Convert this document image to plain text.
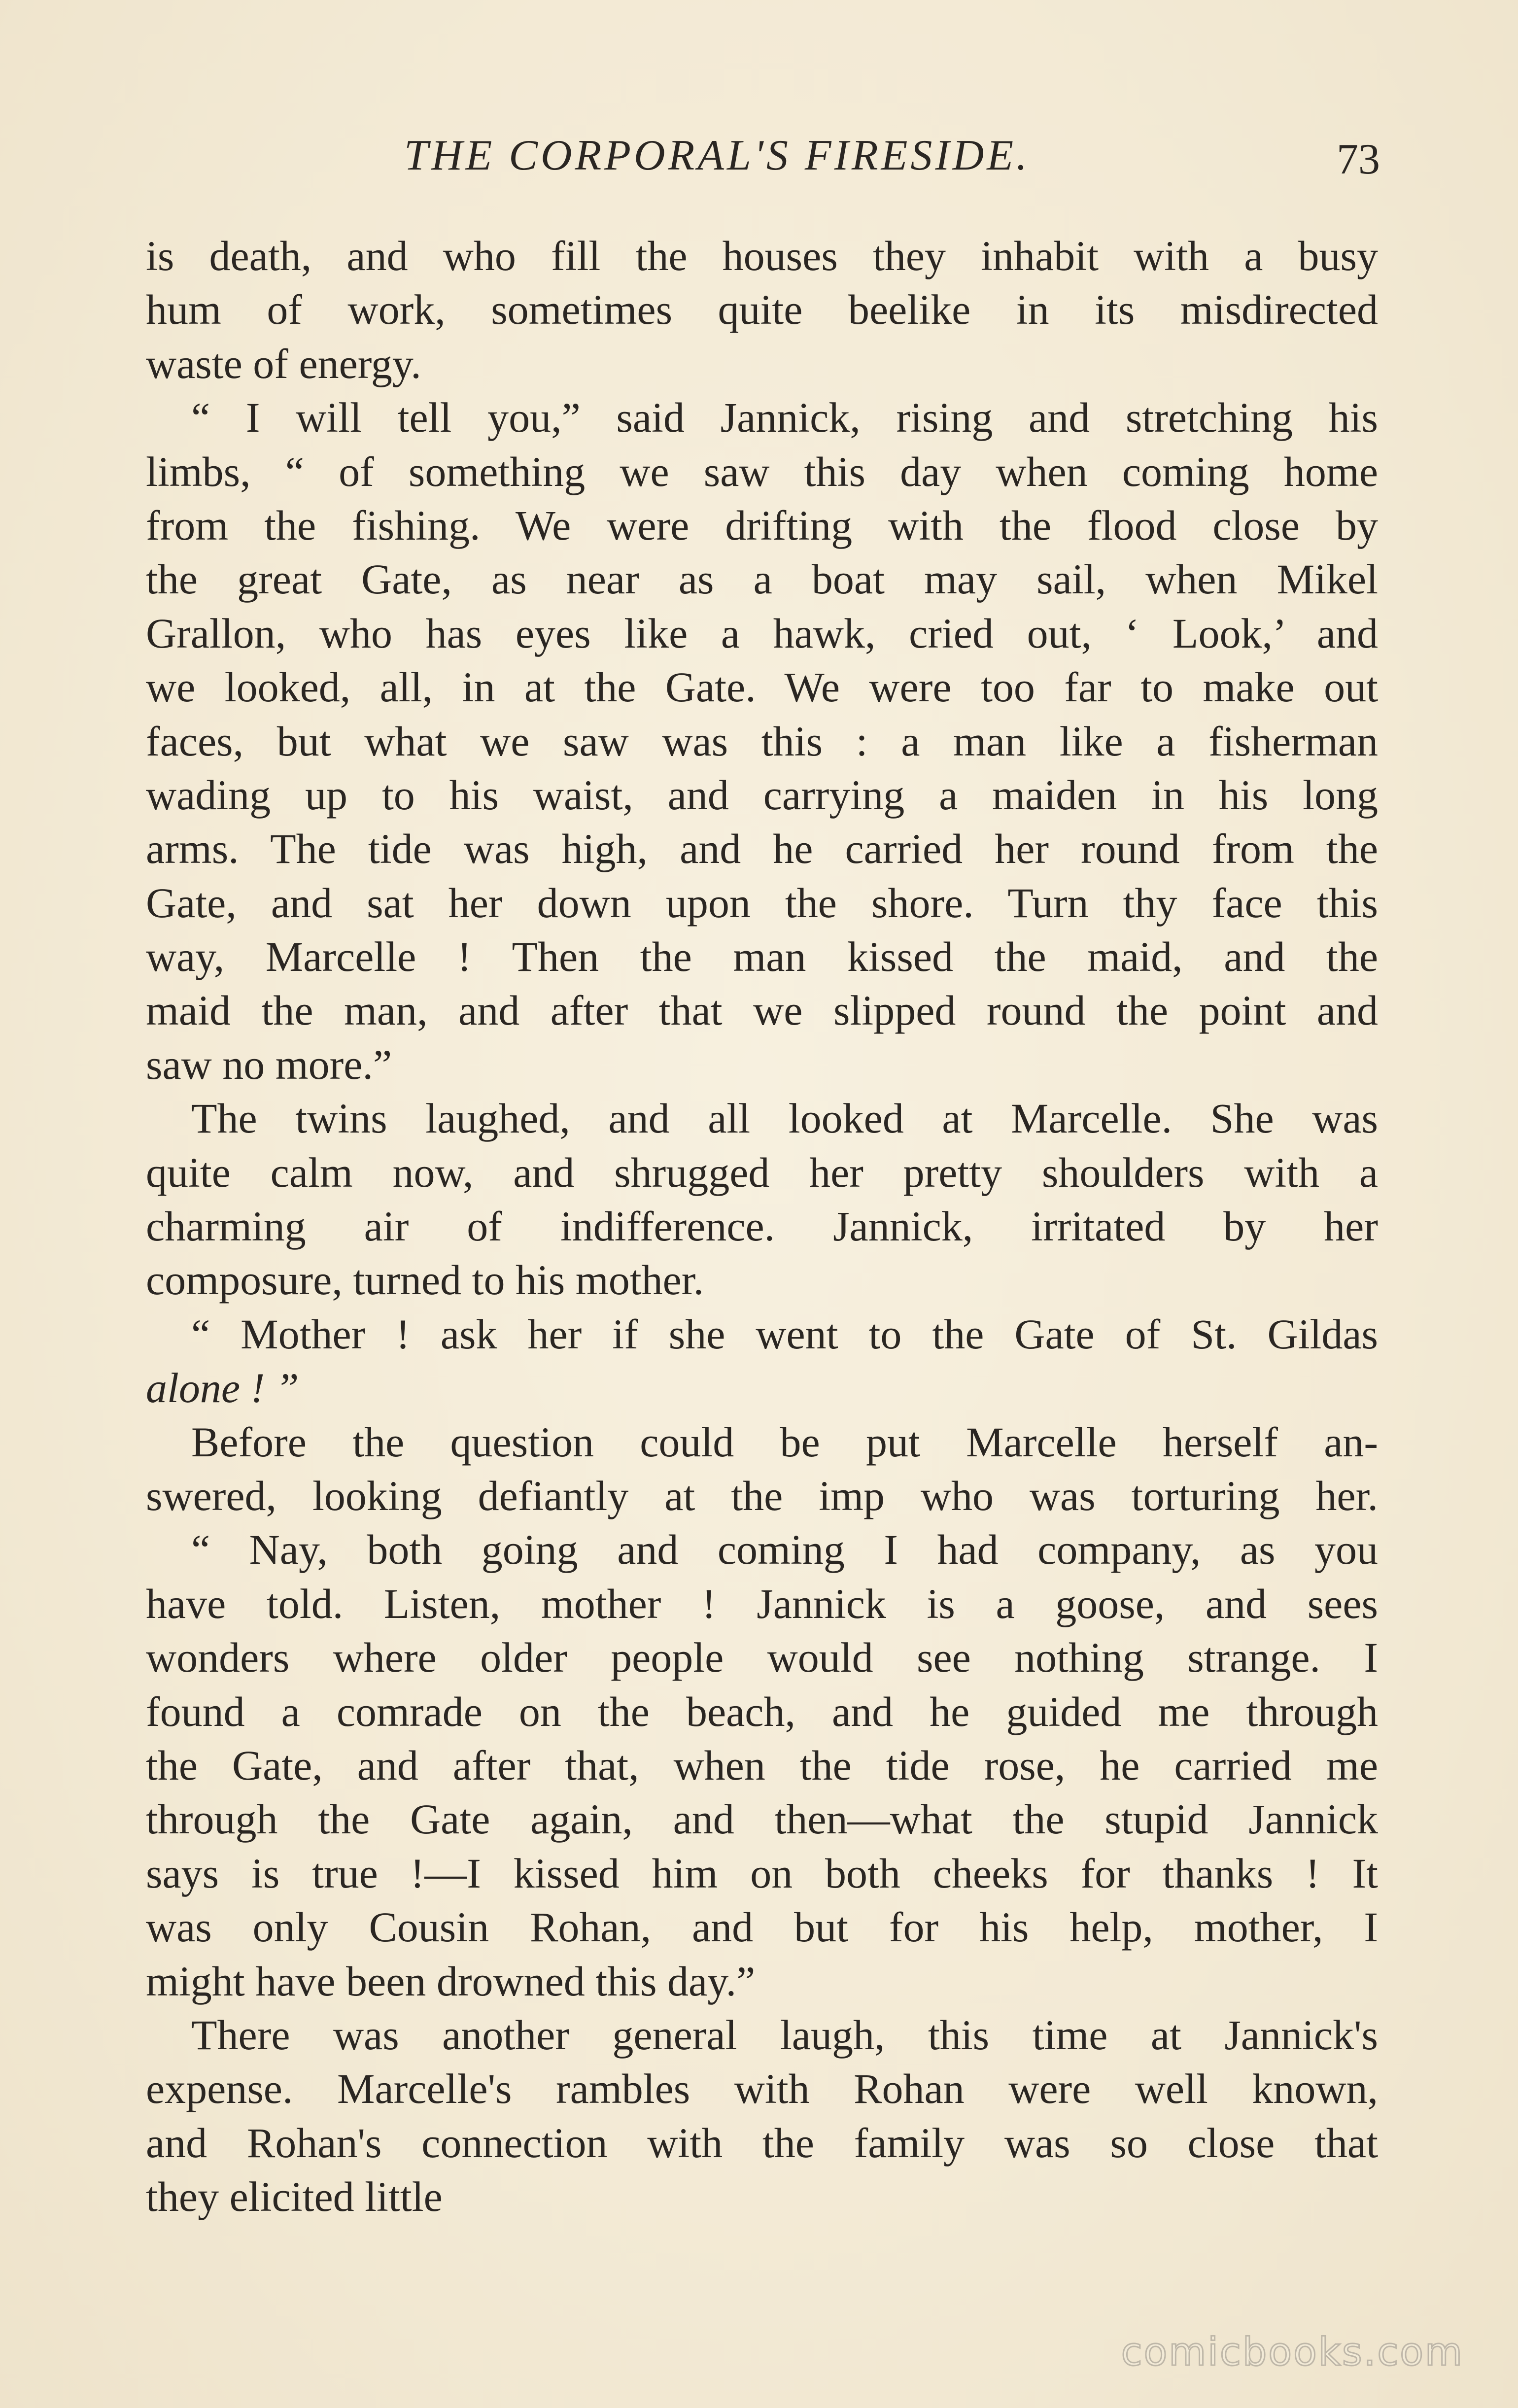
THE CORPORAL'S FIRESIDE.	73
is death, and who fill the houses they inhabit with a busy
hum of work, sometimes quite beelike in its misdirected
waste of energy.
“ I will tell you,” said Jannick, rising and stretching his
limbs, “ of something we saw this day when coming home
from the fishing. We were drifting with the flood close by
the great Gate, as near as a boat may sail, when Mikel
Grallon, who has eyes like a hawk, cried out, ‘ Look,’ and
we looked, all, in at the Gate. We were too far to make out
faces, but what we saw was this : a man like a fisherman
wading up to his waist, and carrying a maiden in his long
arms. The tide was high, and he carried her round from the
Gate, and sat her down upon the shore. Turn thy face this
way, Marcelle ! Then the man kissed the maid, and the
maid the man, and after that we slipped round the point and
saw no more.”
The twins laughed, and all looked at Marcelle. She was
quite calm now, and shrugged her pretty shoulders with a
charming air of indifference. Jannick, irritated by her
composure, turned to his mother.
“ Mother ! ask her if she went to the Gate of St. Gildas
alone ! ”
Before the question could be put Marcelle herself an-
swered, looking defiantly at the imp who was torturing her.
“ Nay, both going and coming I had company, as you
have told. Listen, mother ! Jannick is a goose, and sees
wonders where older people would see nothing strange. I
found a comrade on the beach, and he guided me through
the Gate, and after that, when the tide rose, he carried me
through the Gate again, and then—what the stupid Jannick
says is true !—I kissed him on both cheeks for thanks ! It
was only Cousin Rohan, and but for his help, mother, I
might have been drowned this day.”
There was another general laugh, this time at Jannick's
expense. Marcelle's rambles with Rohan were well known,
and Rohan's connection with the family was so close that
they elicited little
comicbooks.com
